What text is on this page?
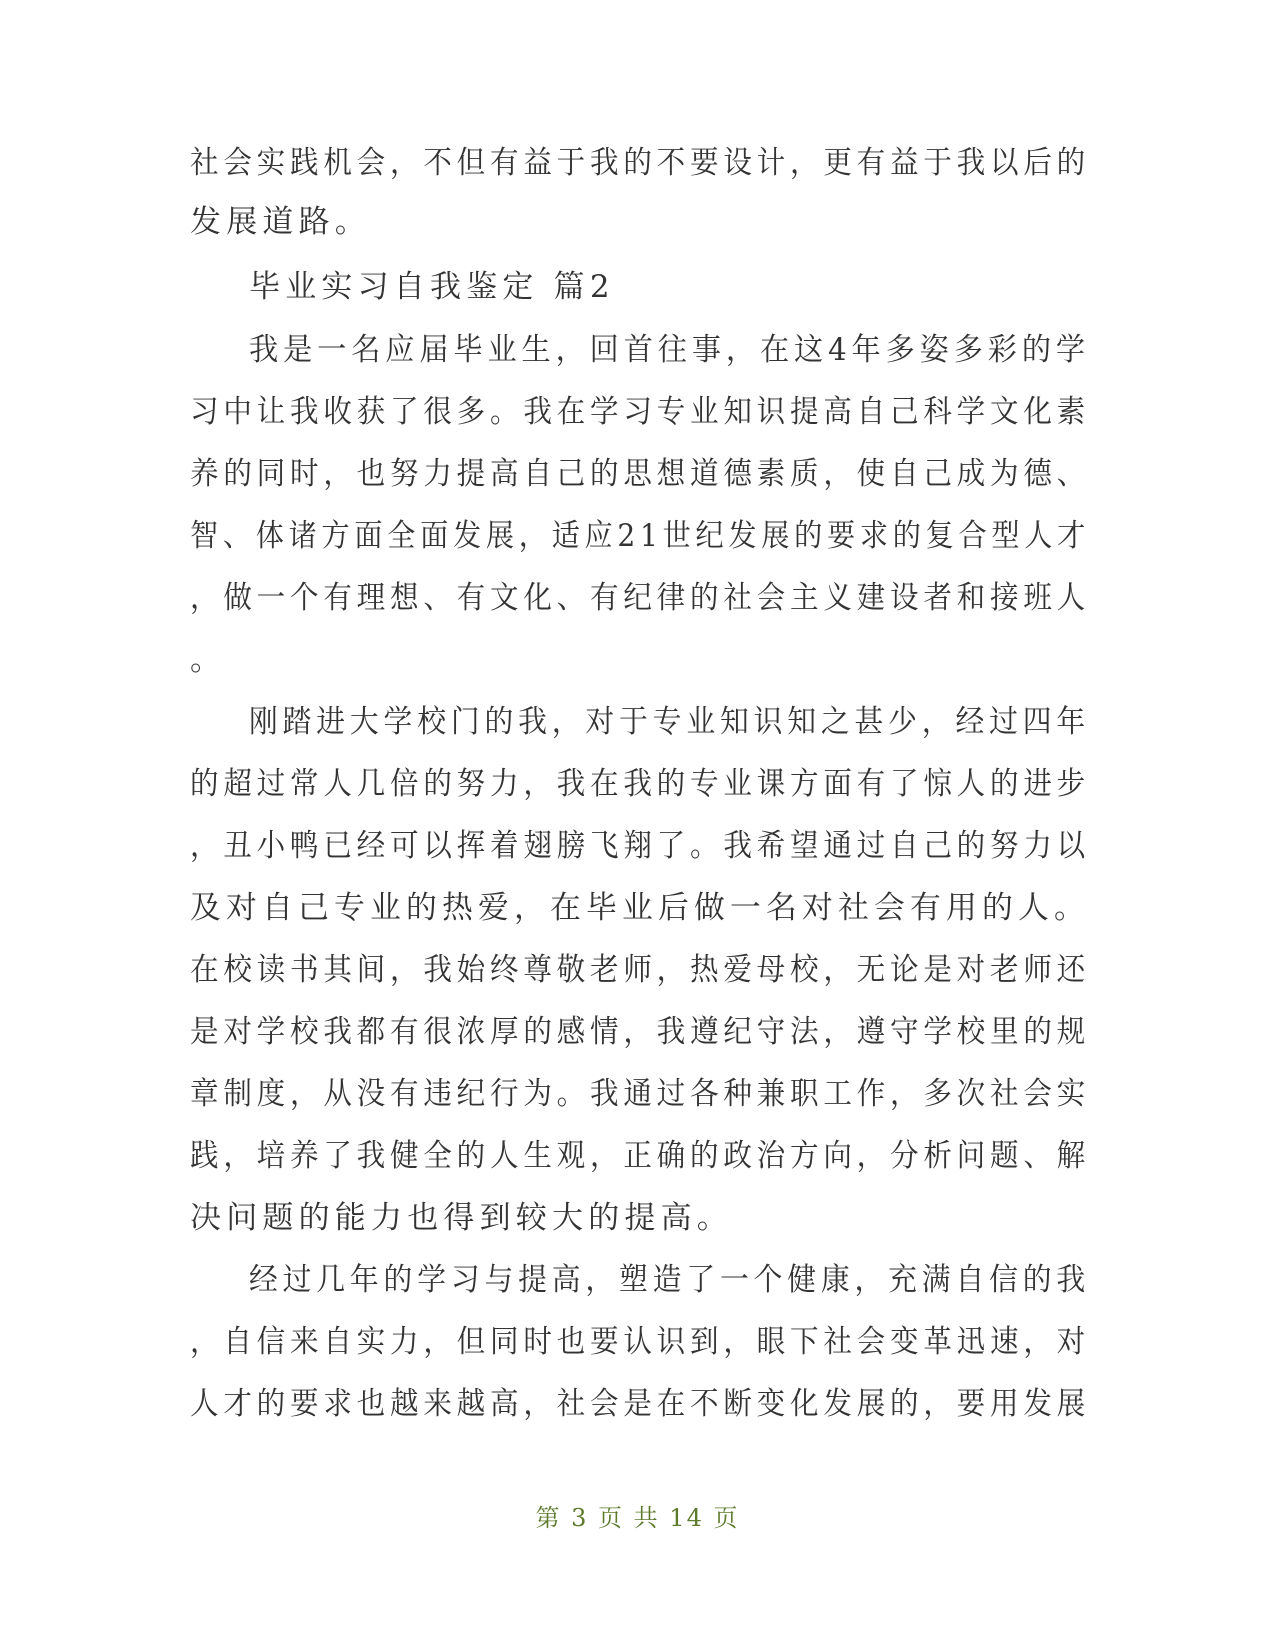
社会实践机会，不但有益于我的不要设计，更有益于我以后的
发展道路。
毕业实习自我鉴定 篇2
我是一名应届毕业生，回首往事，在这4年多姿多彩的学
习中让我收获了很多。我在学习专业知识提高自己科学文化素
养的同时，也努力提高自己的思想道德素质，使自己成为德、
智、体诸方面全面发展，适应21世纪发展的要求的复合型人才
，做一个有理想、有文化、有纪律的社会主义建设者和接班人
。
刚踏进大学校门的我，对于专业知识知之甚少，经过四年
的超过常人几倍的努力，我在我的专业课方面有了惊人的进步
，丑小鸭已经可以挥着翅膀飞翔了。我希望通过自己的努力以
及对自己专业的热爱，在毕业后做一名对社会有用的人。
在校读书其间，我始终尊敬老师，热爱母校，无论是对老师还
是对学校我都有很浓厚的感情，我遵纪守法，遵守学校里的规
章制度，从没有违纪行为。我通过各种兼职工作，多次社会实
践，培养了我健全的人生观，正确的政治方向，分析问题、解
决问题的能力也得到较大的提高。
经过几年的学习与提高，塑造了一个健康，充满自信的我
，自信来自实力，但同时也要认识到，眼下社会变革迅速，对
人才的要求也越来越高，社会是在不断变化发展的，要用发展
第 3 页 共 14 页
